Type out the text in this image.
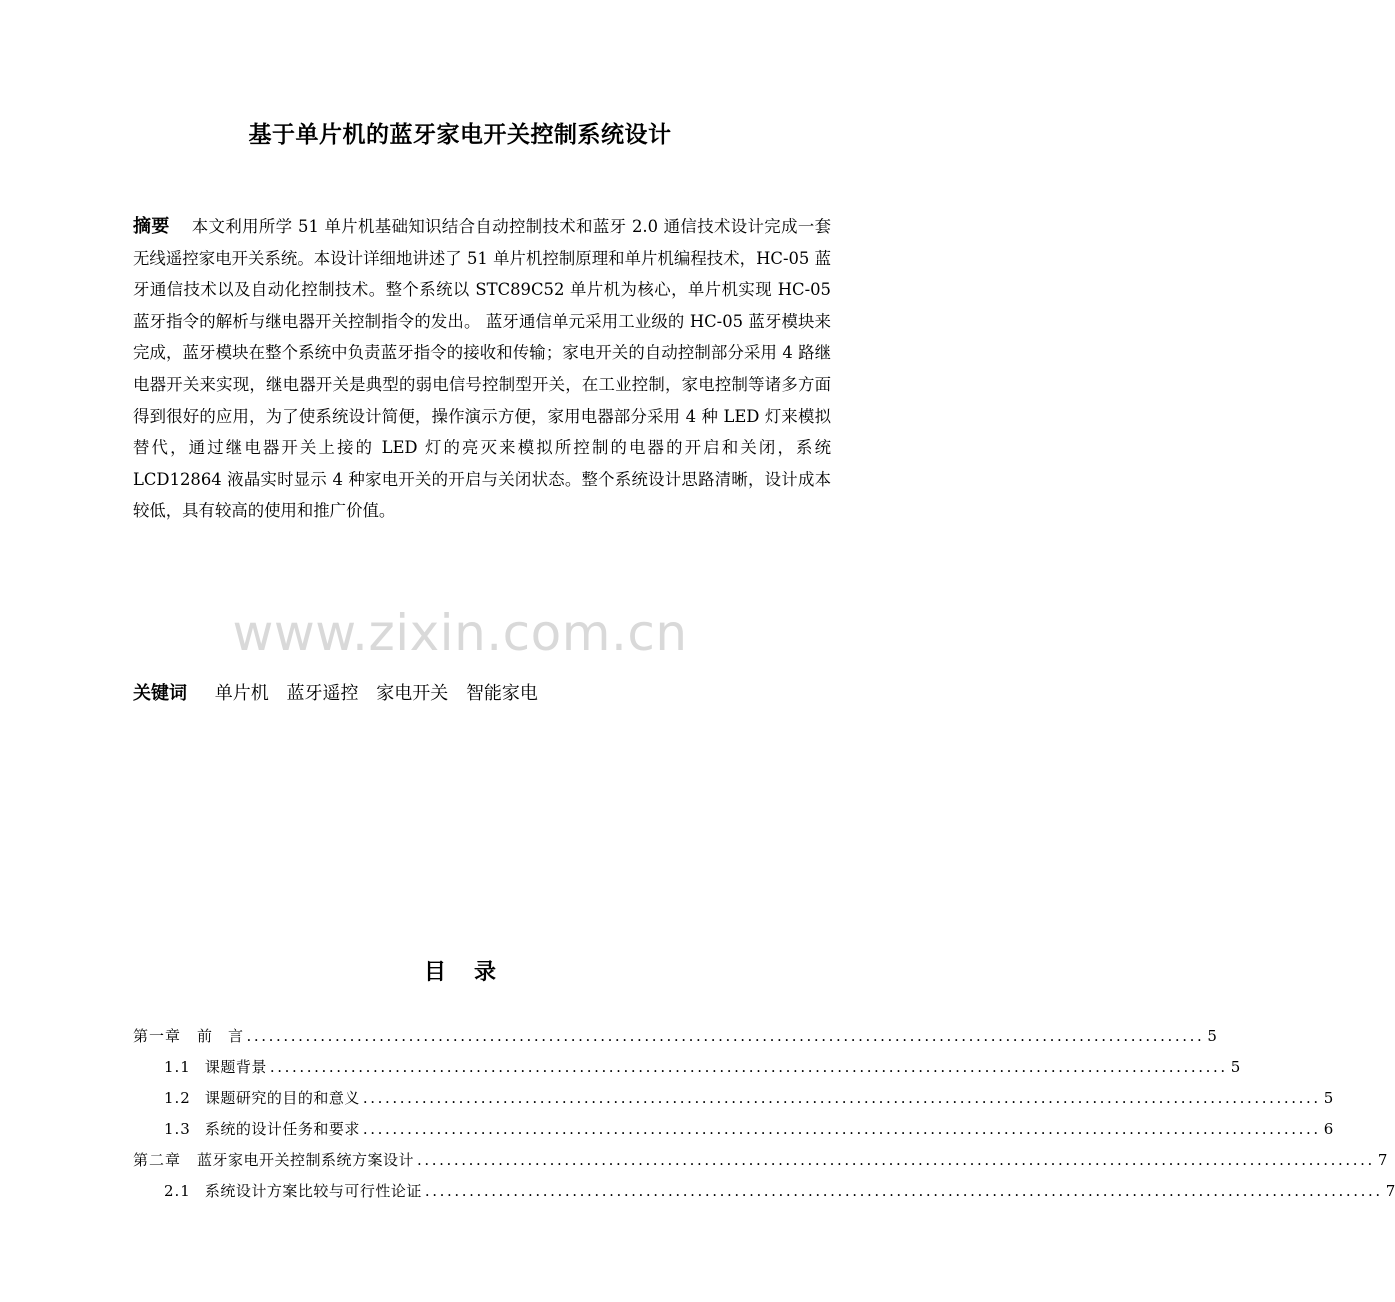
基于单片机的蓝牙家电开关控制系统设计
摘要 本文利用所学 51 单片机基础知识结合自动控制技术和蓝牙 2.0 通信技术设计完成一套无线遥控家电开关系统。本设计详细地讲述了 51 单片机控制原理和单片机编程技术，HC-05 蓝牙通信技术以及自动化控制技术。整个系统以 STC89C52 单片机为核心，单片机实现 HC-05 蓝牙指令的解析与继电器开关控制指令的发出。 蓝牙通信单元采用工业级的 HC-05 蓝牙模块来完成，蓝牙模块在整个系统中负责蓝牙指令的接收和传输；家电开关的自动控制部分采用 4 路继电器开关来实现，继电器开关是典型的弱电信号控制型开关，在工业控制，家电控制等诸多方面得到很好的应用，为了使系统设计简便，操作演示方便，家用电器部分采用 4 种 LED 灯来模拟替代，通过继电器开关上接的 LED 灯的亮灭来模拟所控制的电器的开启和关闭，系统 LCD12864 液晶实时显示 4 种家电开关的开启与关闭状态。整个系统设计思路清晰，设计成本较低，具有较高的使用和推广价值。
www.zixin.com.cn
关键词 单片机 蓝牙遥控 家电开关 智能家电
目录
第一章 前　言 .................................................................................................................................. 5
1.1 课题背景 .................................................................................................................................. 5
1.2 课题研究的目的和意义 .................................................................................................................................. 5
1.3 系统的设计任务和要求 .................................................................................................................................. 6
第二章 蓝牙家电开关控制系统方案设计 .................................................................................................................................. 7
2.1 系统设计方案比较与可行性论证 .................................................................................................................................. 7
